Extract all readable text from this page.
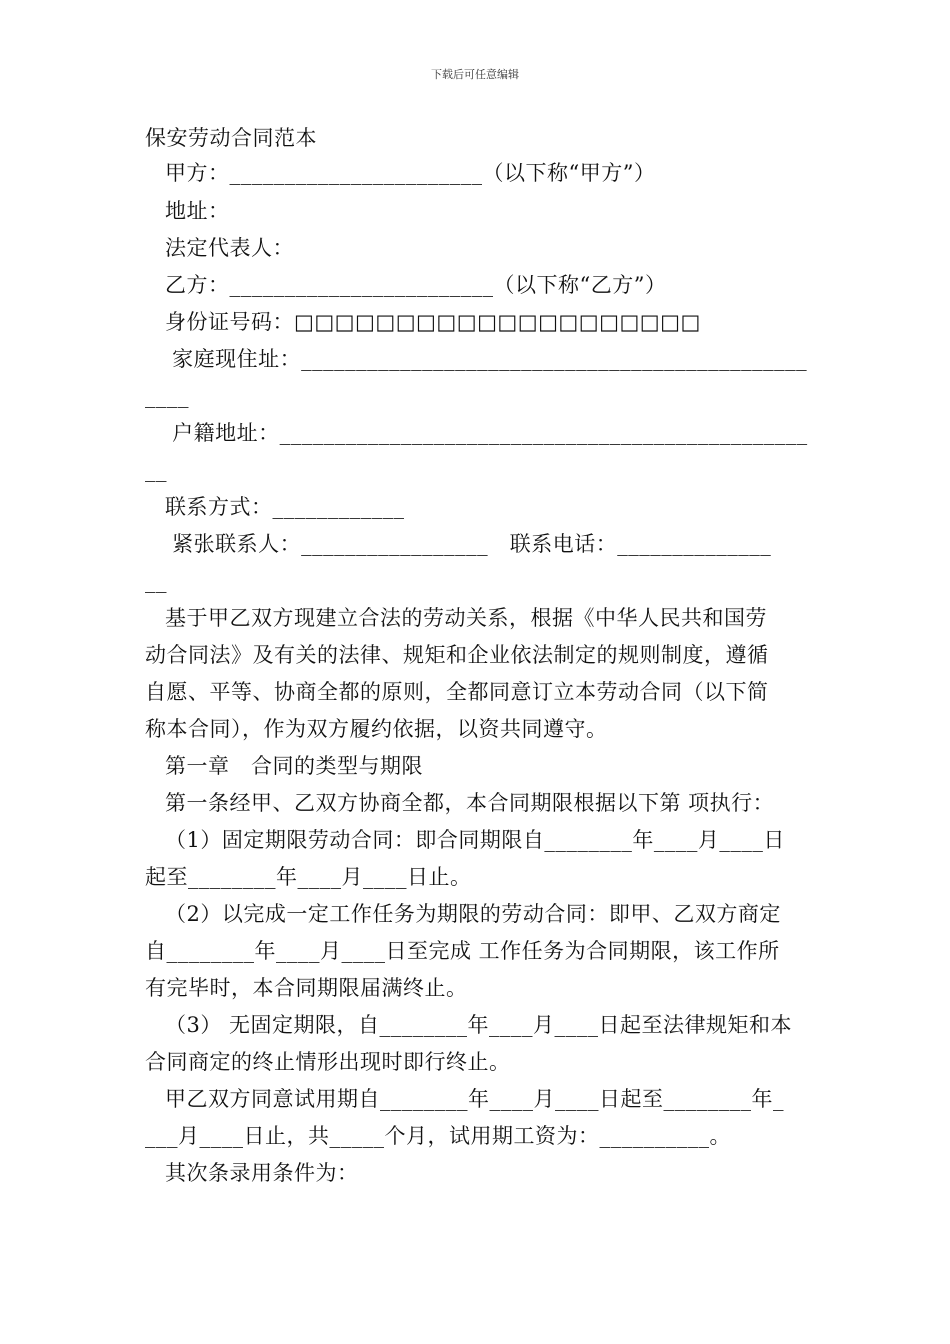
下载后可任意编辑
保安劳动合同范本
甲方：_______________________（以下称“甲方”）
地址：
法定代表人：
乙方：________________________（以下称“乙方”）
身份证号码：□□□□□□□□□□□□□□□□□□□□
家庭现住址：______________________________________________
____
户籍地址：________________________________________________
__
联系方式：____________
紧张联系人：_________________   联系电话：______________
__
基于甲乙双方现建立合法的劳动关系，根据《中华人民共和国劳
动合同法》及有关的法律、规矩和企业依法制定的规则制度，遵循
自愿、平等、协商全都的原则，全都同意订立本劳动合同（以下简
称本合同），作为双方履约依据，以资共同遵守。
第一章　合同的类型与期限
第一条经甲、乙双方协商全都，本合同期限根据以下第 项执行：
（1）固定期限劳动合同：即合同期限自________年____月____日
起至________年____月____日止。
（2）以完成一定工作任务为期限的劳动合同：即甲、乙双方商定
自________年____月____日至完成 工作任务为合同期限，该工作所
有完毕时，本合同期限届满终止。
（3） 无固定期限，自________年____月____日起至法律规矩和本
合同商定的终止情形出现时即行终止。
甲乙双方同意试用期自________年____月____日起至________年_
___月____日止，共_____个月，试用期工资为：__________。
其次条录用条件为：
